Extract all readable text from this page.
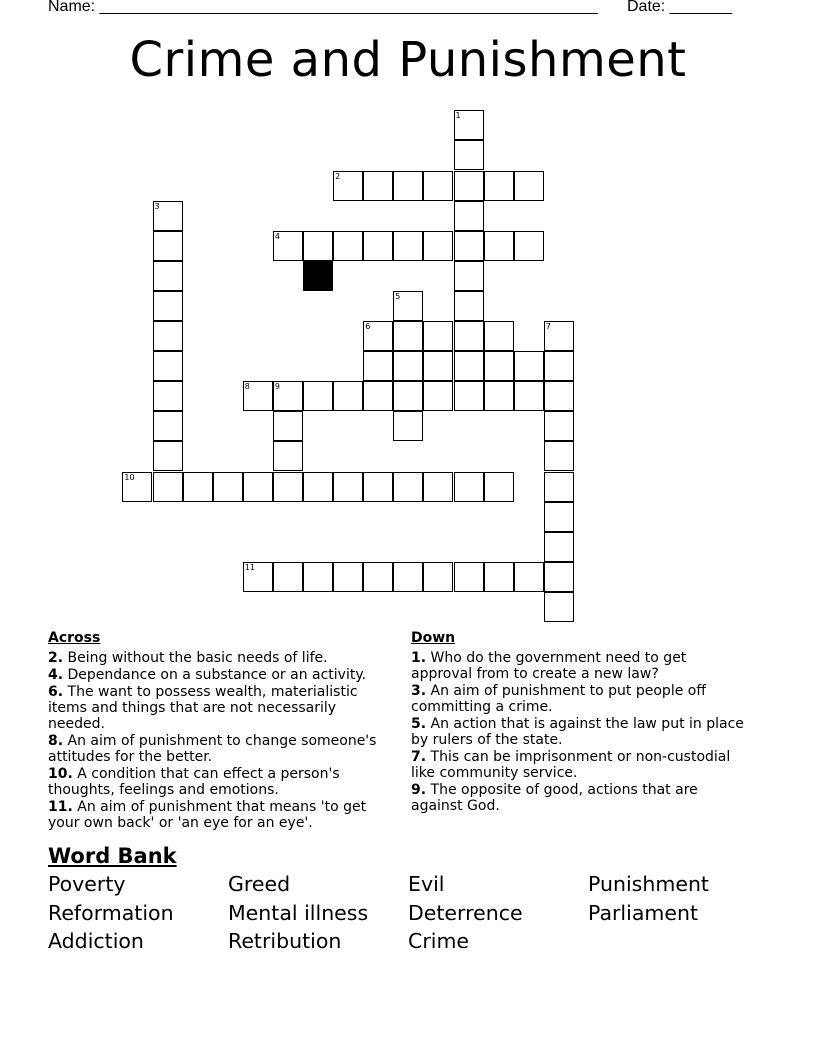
Name: ________________________________________________________ Date: _______
Crime and Punishment
1
2
3
4
5
6	7
8	9
10
11
Across
2. Being without the basic needs of life.
4. Dependance on a substance or an activity.
6. The want to possess wealth, materialistic items and things that are not necessarily needed.
8. An aim of punishment to change someone's attitudes for the better.
10. A condition that can effect a person's thoughts, feelings and emotions.
11. An aim of punishment that means 'to get your own back' or 'an eye for an eye'.
Down
1. Who do the government need to get approval from to create a new law?
3. An aim of punishment to put people off committing a crime.
5. An action that is against the law put in place by rulers of the state.
7. This can be imprisonment or non-custodial like community service.
9. The opposite of good, actions that are against God.
Word Bank
Poverty	Greed	Evil	Punishment
Reformation	Mental illness	Deterrence	Parliament
Addiction	Retribution	Crime
